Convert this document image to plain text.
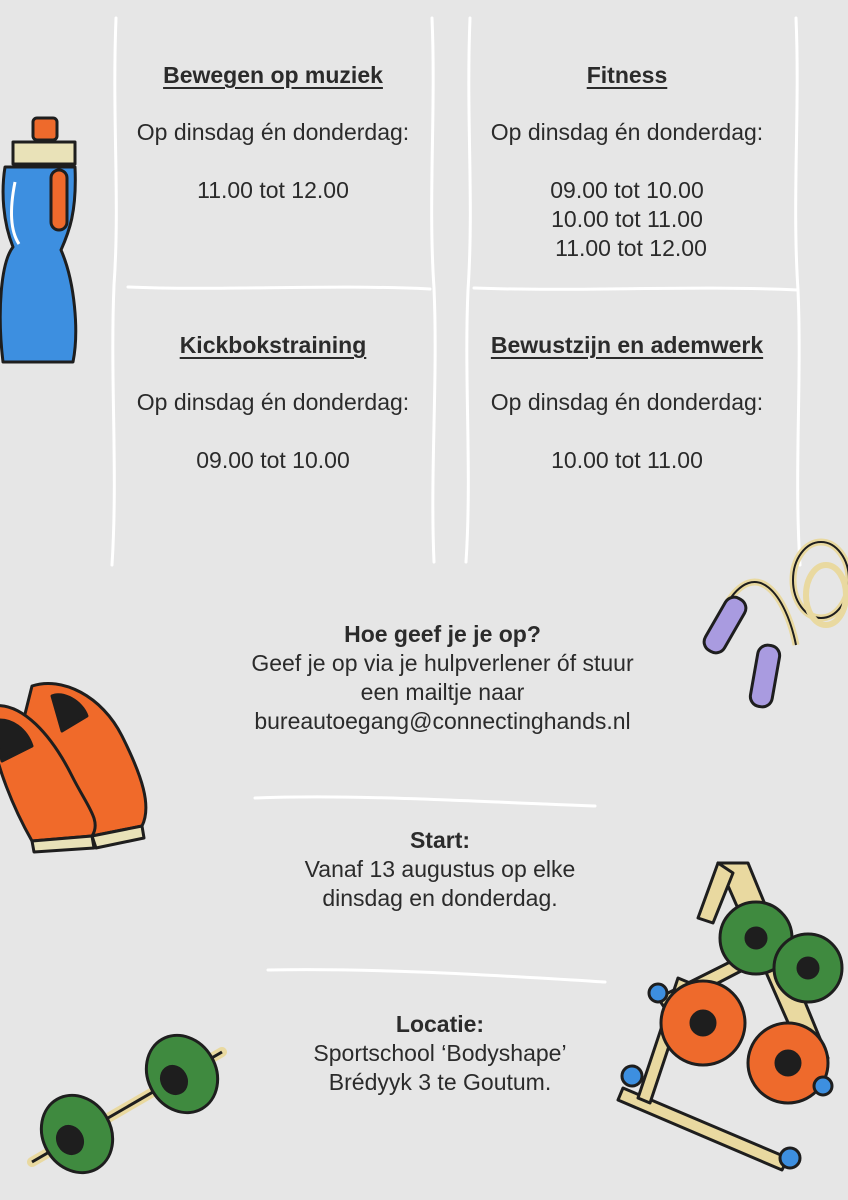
Bewegen op muziek
Op dinsdag én donderdag:
11.00 tot 12.00
Fitness
Op dinsdag én donderdag:
09.00 tot 10.00
10.00 tot 11.00
11.00 tot 12.00
Kickbokstraining
Op dinsdag én donderdag:
09.00 tot 10.00
Bewustzijn en ademwerk
Op dinsdag én donderdag:
10.00 tot 11.00
Hoe geef je je op?
Geef je op via je hulpverlener óf stuur
een mailtje naar
bureautoegang@connectinghands.nl
Start:
Vanaf 13 augustus op elke
dinsdag en donderdag.
Locatie:
Sportschool ‘Bodyshape’
Brédyyk 3 te Goutum.
